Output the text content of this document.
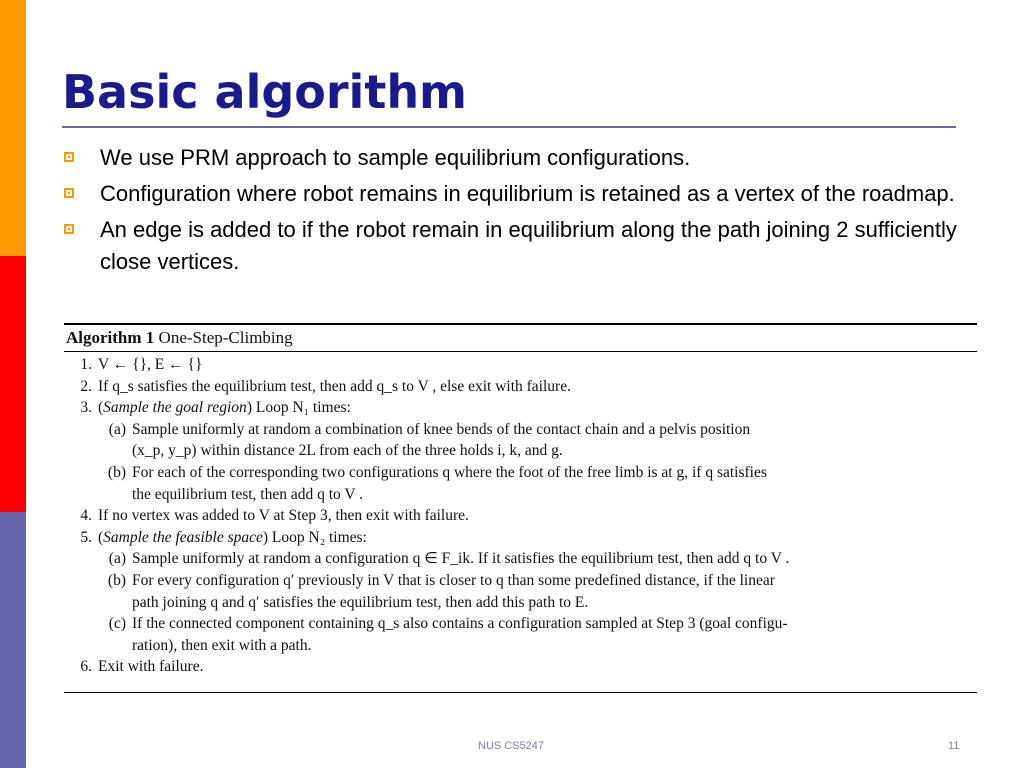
Basic algorithm
We use PRM approach to sample equilibrium configurations.
Configuration where robot remains in equilibrium is retained as a vertex of the roadmap.
An edge is added to if the robot remain in equilibrium along the path joining 2 sufficiently close vertices.
Algorithm 1 One-Step-Climbing
1. V ← {}, E ← {}
2. If q_s satisfies the equilibrium test, then add q_s to V , else exit with failure.
3. (Sample the goal region) Loop N₁ times:
(a) Sample uniformly at random a combination of knee bends of the contact chain and a pelvis position
(x_p, y_p) within distance 2L from each of the three holds i, k, and g.
(b) For each of the corresponding two configurations q where the foot of the free limb is at g, if q satisfies
the equilibrium test, then add q to V .
4. If no vertex was added to V at Step 3, then exit with failure.
5. (Sample the feasible space) Loop N₂ times:
(a) Sample uniformly at random a configuration q ∈ F_ik. If it satisfies the equilibrium test, then add q to V .
(b) For every configuration q′ previously in V that is closer to q than some predefined distance, if the linear
path joining q and q′ satisfies the equilibrium test, then add this path to E.
(c) If the connected component containing q_s also contains a configuration sampled at Step 3 (goal configu-
ration), then exit with a path.
6. Exit with failure.
NUS CS5247	11
